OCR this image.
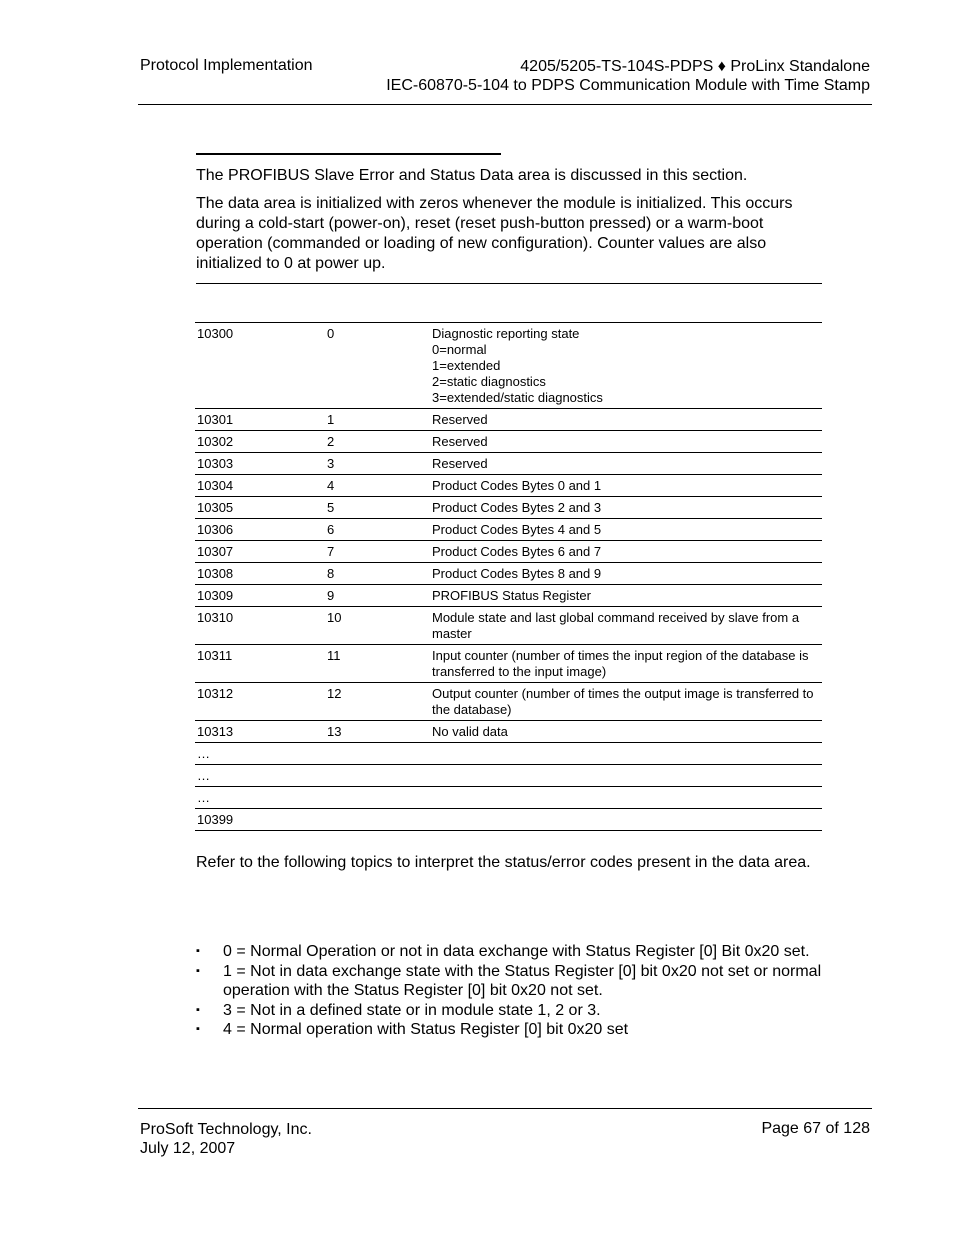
Protocol Implementation	4205/5205-TS-104S-PDPS ♦ ProLinx Standalone
IEC-60870-5-104 to PDPS Communication Module with Time Stamp
The PROFIBUS Slave Error and Status Data area is discussed in this section.
The data area is initialized with zeros whenever the module is initialized. This occurs during a cold-start (power-on), reset (reset push-button pressed) or a warm-boot operation (commanded or loading of new configuration). Counter values are also initialized to 0 at power up.
10300	0	Diagnostic reporting state
0=normal
1=extended
2=static diagnostics
3=extended/static diagnostics
10301	1	Reserved
10302	2	Reserved
10303	3	Reserved
10304	4	Product Codes Bytes 0 and 1
10305	5	Product Codes Bytes 2 and 3
10306	6	Product Codes Bytes 4 and 5
10307	7	Product Codes Bytes 6 and 7
10308	8	Product Codes Bytes 8 and 9
10309	9	PROFIBUS Status Register
10310	10	Module state and last global command received by slave from a master
10311	11	Input counter (number of times the input region of the database is transferred to the input image)
10312	12	Output counter (number of times the output image is transferred to the database)
10313	13	No valid data
…		
…		
…		
10399		
Refer to the following topics to interpret the status/error codes present in the data area.
▪ 0 = Normal Operation or not in data exchange with Status Register [0] Bit 0x20 set.
▪ 1 = Not in data exchange state with the Status Register [0] bit 0x20 not set or normal operation with the Status Register [0] bit 0x20 not set.
▪ 3 = Not in a defined state or in module state 1, 2 or 3.
▪ 4 = Normal operation with Status Register [0] bit 0x20 set
ProSoft Technology, Inc.
July 12, 2007
Page 67 of 128
